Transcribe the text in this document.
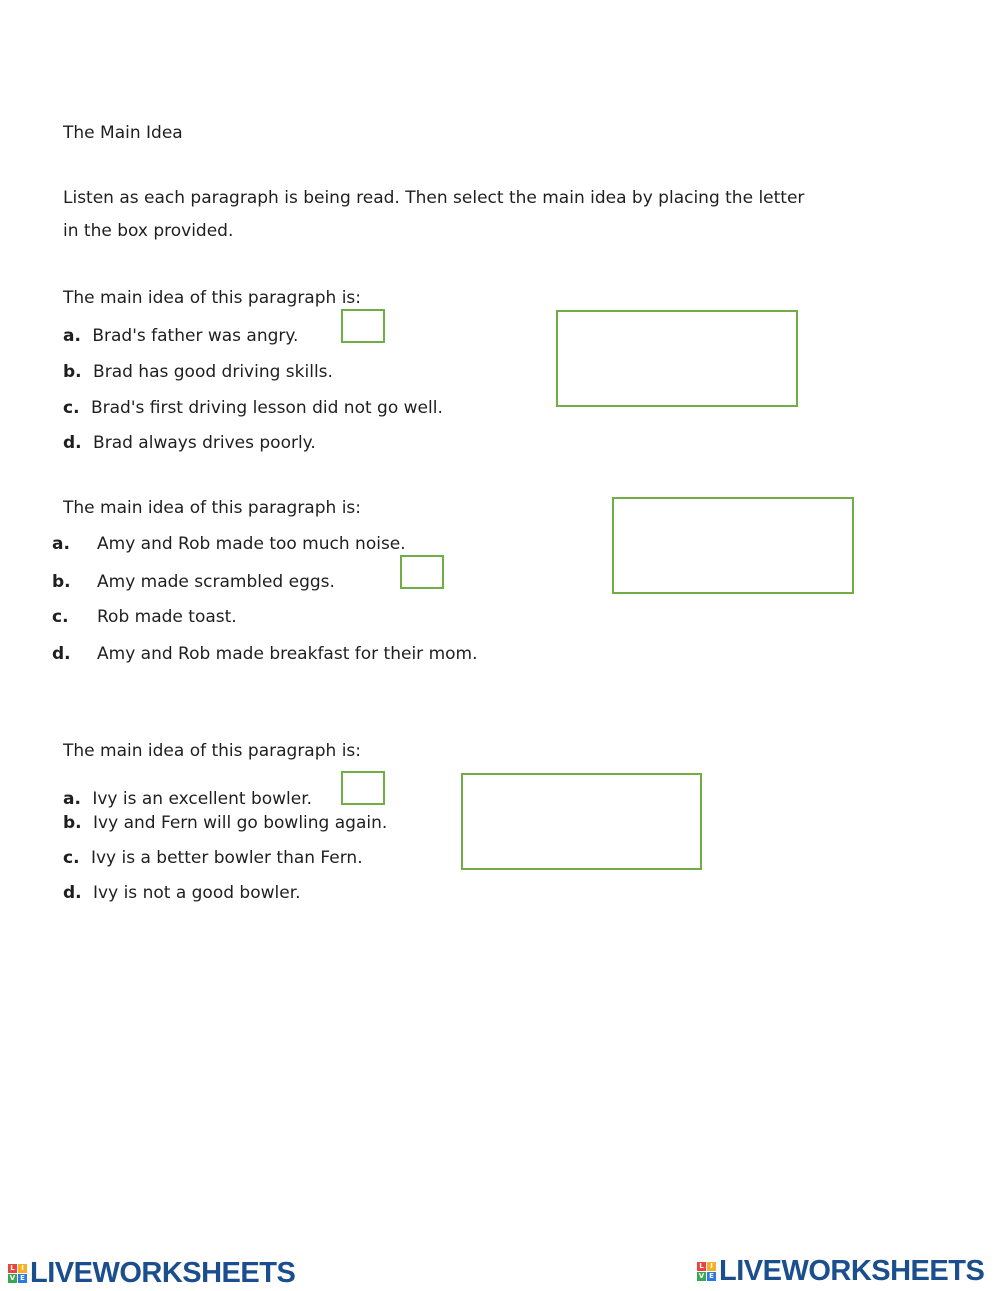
The Main Idea
Listen as each paragraph is being read. Then select the main idea by placing the letter
in the box provided.
The main idea of this paragraph is:
a. Brad's father was angry.
b. Brad has good driving skills.
c. Brad's first driving lesson did not go well.
d. Brad always drives poorly.
The main idea of this paragraph is:
a. Amy and Rob made too much noise.
b. Amy made scrambled eggs.
c. Rob made toast.
d. Amy and Rob made breakfast for their mom.
The main idea of this paragraph is:
a. Ivy is an excellent bowler.
b. Ivy and Fern will go bowling again.
c. Ivy is a better bowler than Fern.
d. Ivy is not a good bowler.
L I
V E LIVEWORKSHEETS	L I
V E LIVEWORKSHEETS
